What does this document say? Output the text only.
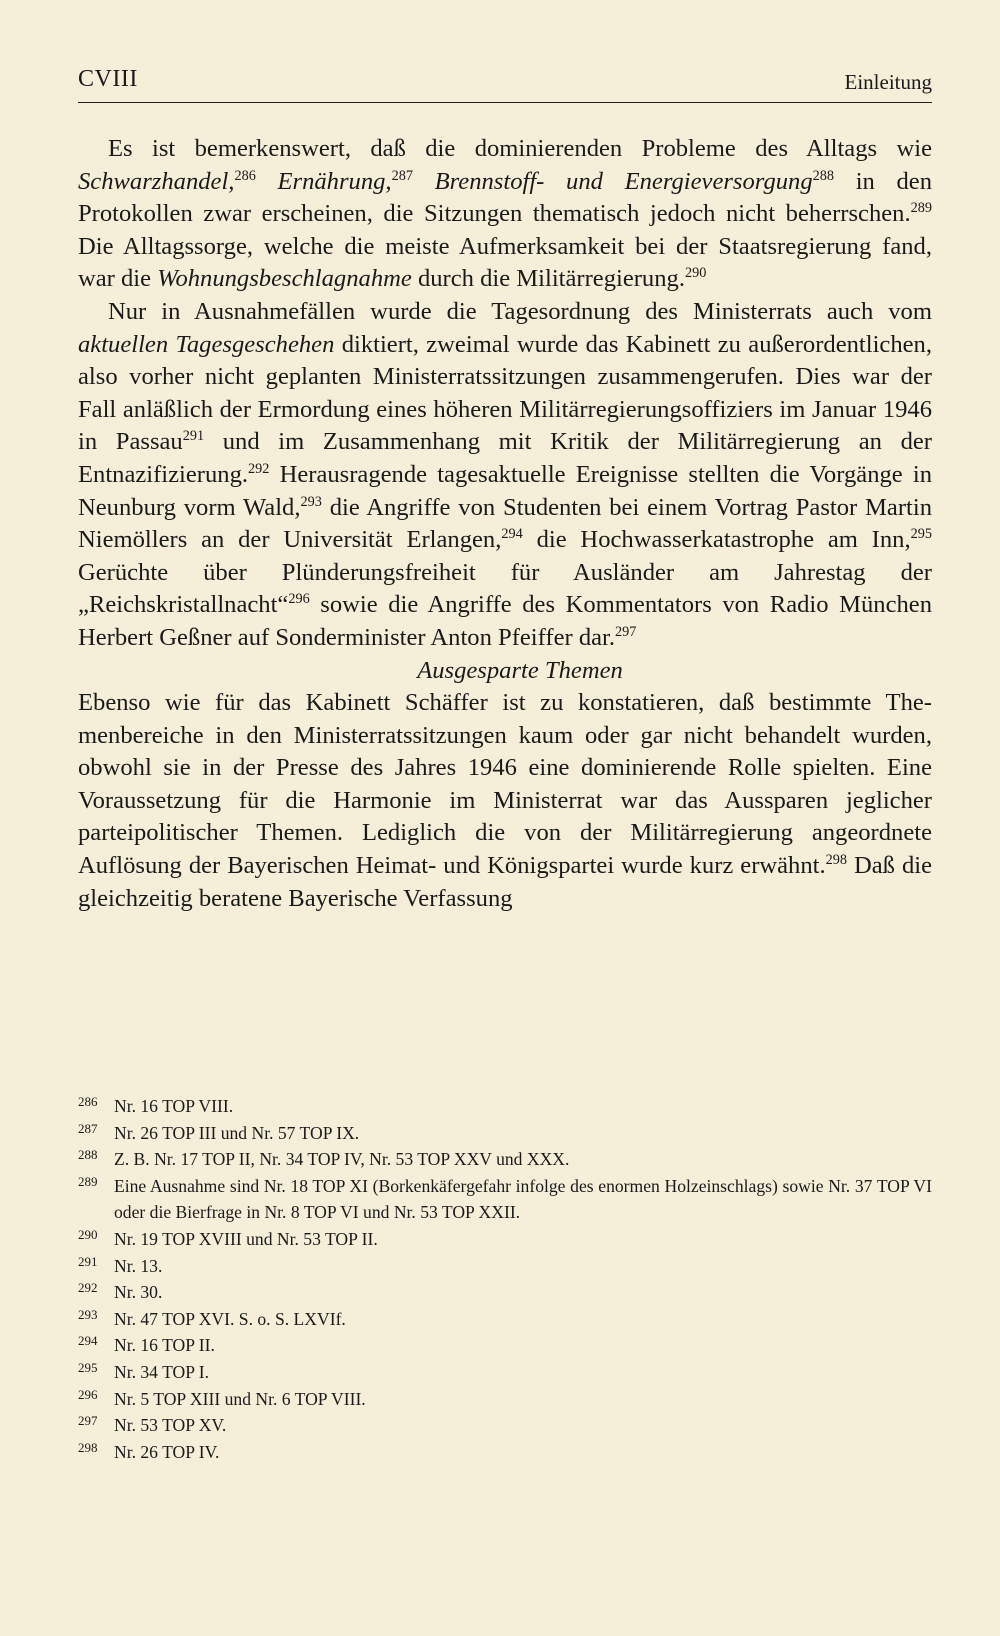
CVIII	Einleitung

Es ist bemerkenswert, daß die dominierenden Probleme des Alltags wie Schwarzhandel,$^{286}$ Ernährung,$^{287}$ Brennstoff- und Energieversorgung$^{288}$ in den Protokollen zwar erscheinen, die Sitzungen thematisch jedoch nicht beherrschen.$^{289}$ Die Alltagssorge, welche die meiste Aufmerksamkeit bei der Staatsregierung fand, war die Wohnungsbeschlagnahme durch die Militärregierung.$^{290}$

Nur in Ausnahmefällen wurde die Tagesordnung des Ministerrats auch vom aktuellen Tagesgeschehen diktiert, zweimal wurde das Kabinett zu außerordentlichen, also vorher nicht geplanten Ministerratssitzungen zusammengerufen. Dies war der Fall anläßlich der Ermordung eines höheren Militärregierungsoffiziers im Januar 1946 in Passau$^{291}$ und im Zusammenhang mit Kritik der Militärregierung an der Entnazifizierung.$^{292}$ Herausragende tagesaktuelle Ereignisse stellten die Vorgänge in Neunburg vorm Wald,$^{293}$ die Angriffe von Studenten bei einem Vortrag Pastor Martin Niemöllers an der Universität Erlangen,$^{294}$ die Hochwasserkatastrophe am Inn,$^{295}$ Gerüchte über Plünderungsfreiheit für Ausländer am Jahrestag der „Reichskristallnacht“$^{296}$ sowie die Angriffe des Kommentators von Radio München Herbert Geßner auf Sonderminister Anton Pfeiffer dar.$^{297}$

Ausgesparte Themen

Ebenso wie für das Kabinett Schäffer ist zu konstatieren, daß bestimmte Themenbereiche in den Ministerratssitzungen kaum oder gar nicht behandelt wurden, obwohl sie in der Presse des Jahres 1946 eine dominierende Rolle spielten. Eine Voraussetzung für die Harmonie im Ministerrat war das Aussparen jeglicher parteipolitischer Themen. Lediglich die von der Militärregierung angeordnete Auflösung der Bayerischen Heimat- und Königspartei wurde kurz erwähnt.$^{298}$ Daß die gleichzeitig beratene Bayerische Verfassung

286 Nr. 16 TOP VIII.
287 Nr. 26 TOP III und Nr. 57 TOP IX.
288 Z. B. Nr. 17 TOP II, Nr. 34 TOP IV, Nr. 53 TOP XXV und XXX.
289 Eine Ausnahme sind Nr. 18 TOP XI (Borkenkäfergefahr infolge des enormen Holzeinschlags) sowie Nr. 37 TOP VI oder die Bierfrage in Nr. 8 TOP VI und Nr. 53 TOP XXII.
290 Nr. 19 TOP XVIII und Nr. 53 TOP II.
291 Nr. 13.
292 Nr. 30.
293 Nr. 47 TOP XVI. S. o. S. LXVIf.
294 Nr. 16 TOP II.
295 Nr. 34 TOP I.
296 Nr. 5 TOP XIII und Nr. 6 TOP VIII.
297 Nr. 53 TOP XV.
298 Nr. 26 TOP IV.
